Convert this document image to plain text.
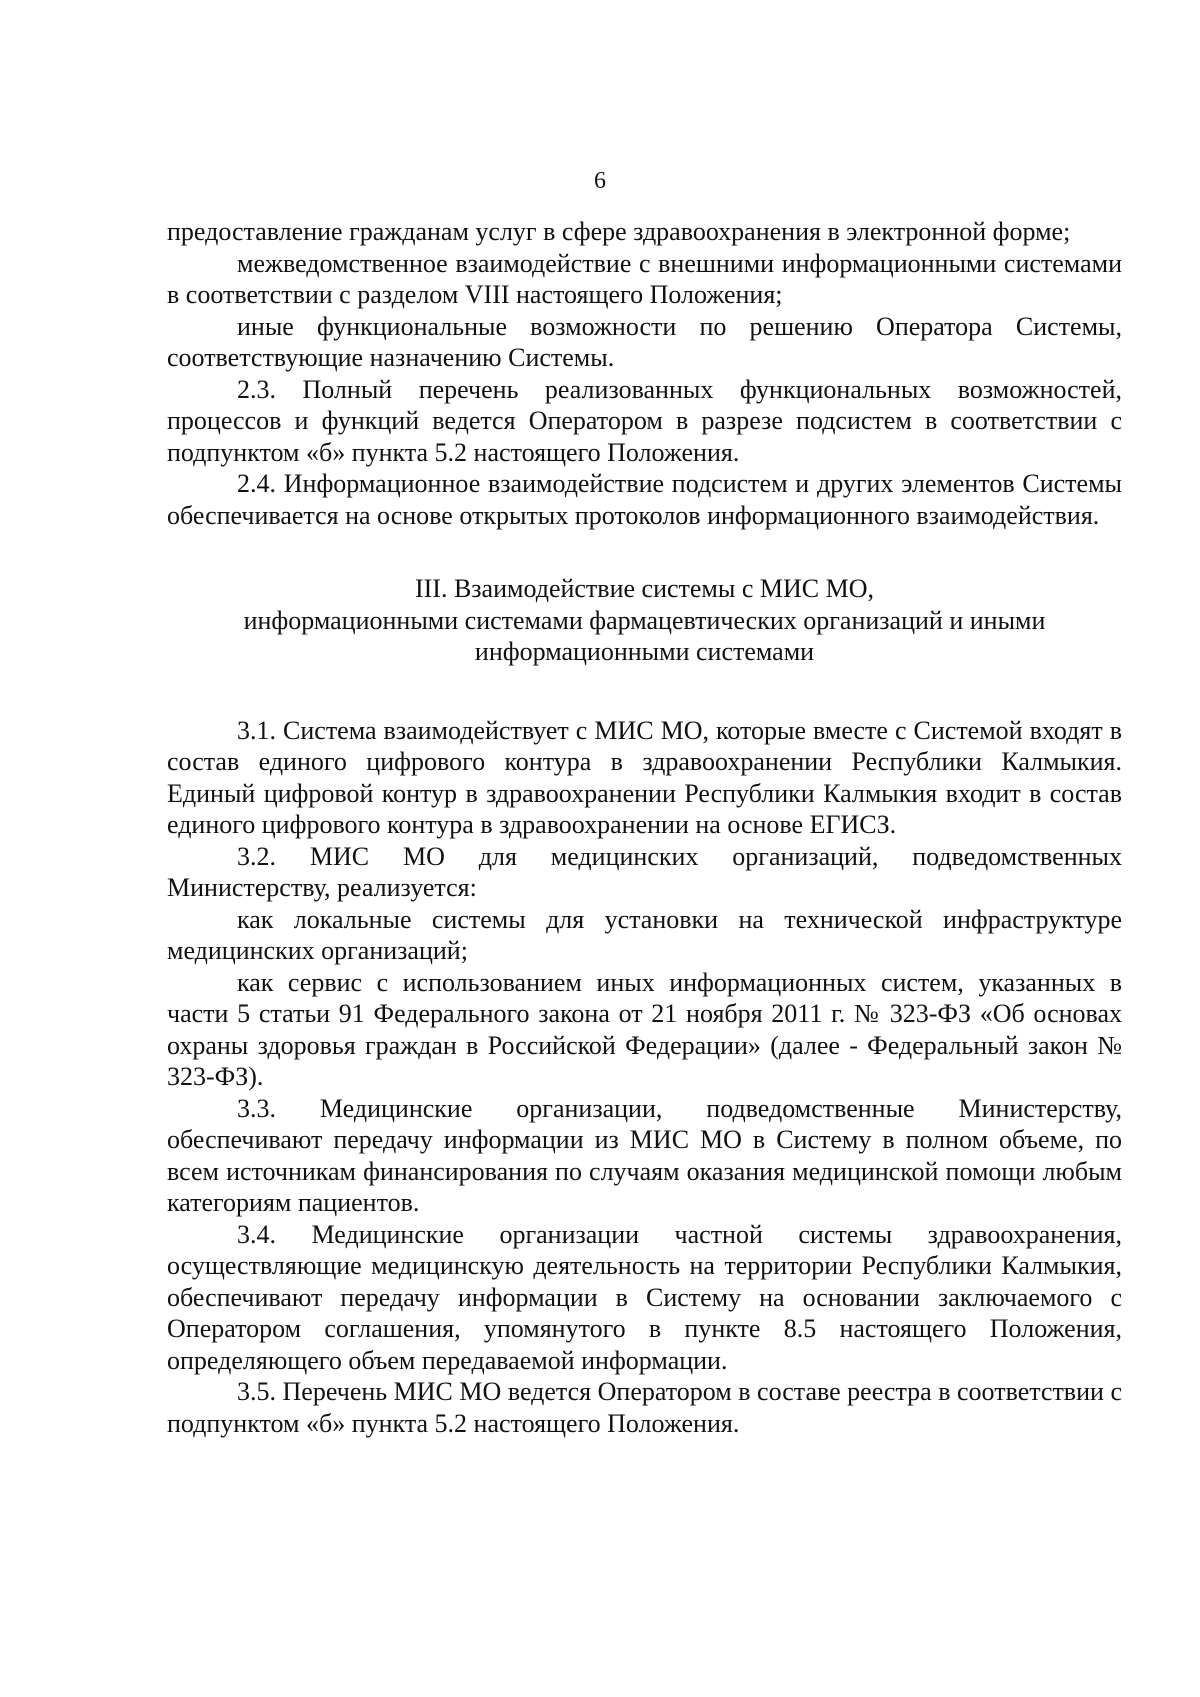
6

предоставление гражданам услуг в сфере здравоохранения в электронной форме;

межведомственное взаимодействие с внешними информационными системами в соответствии с разделом VIII настоящего Положения;

иные функциональные возможности по решению Оператора Системы, соответствующие назначению Системы.

2.3. Полный перечень реализованных функциональных возможностей, процессов и функций ведется Оператором в разрезе подсистем в соответствии с подпунктом «б» пункта 5.2 настоящего Положения.

2.4. Информационное взаимодействие подсистем и других элементов Системы обеспечивается на основе открытых протоколов информационного взаимодействия.

III. Взаимодействие системы с МИС МО,
информационными системами фармацевтических организаций и иными
информационными системами

3.1. Система взаимодействует с МИС МО, которые вместе с Системой входят в состав единого цифрового контура в здравоохранении Республики Калмыкия. Единый цифровой контур в здравоохранении Республики Калмыкия входит в состав единого цифрового контура в здравоохранении на основе ЕГИСЗ.

3.2. МИС МО для медицинских организаций, подведомственных Министерству, реализуется:

как локальные системы для установки на технической инфраструктуре медицинских организаций;

как сервис с использованием иных информационных систем, указанных в части 5 статьи 91 Федерального закона от 21 ноября 2011 г. № 323-ФЗ «Об основах охраны здоровья граждан в Российской Федерации» (далее - Федеральный закон № 323-ФЗ).

3.3. Медицинские организации, подведомственные Министерству, обеспечивают передачу информации из МИС МО в Систему в полном объеме, по всем источникам финансирования по случаям оказания медицинской помощи любым категориям пациентов.

3.4. Медицинские организации частной системы здравоохранения, осуществляющие медицинскую деятельность на территории Республики Калмыкия, обеспечивают передачу информации в Систему на основании заключаемого с Оператором соглашения, упомянутого в пункте 8.5 настоящего Положения, определяющего объем передаваемой информации.

3.5. Перечень МИС МО ведется Оператором в составе реестра в соответствии с подпунктом «б» пункта 5.2 настоящего Положения.
